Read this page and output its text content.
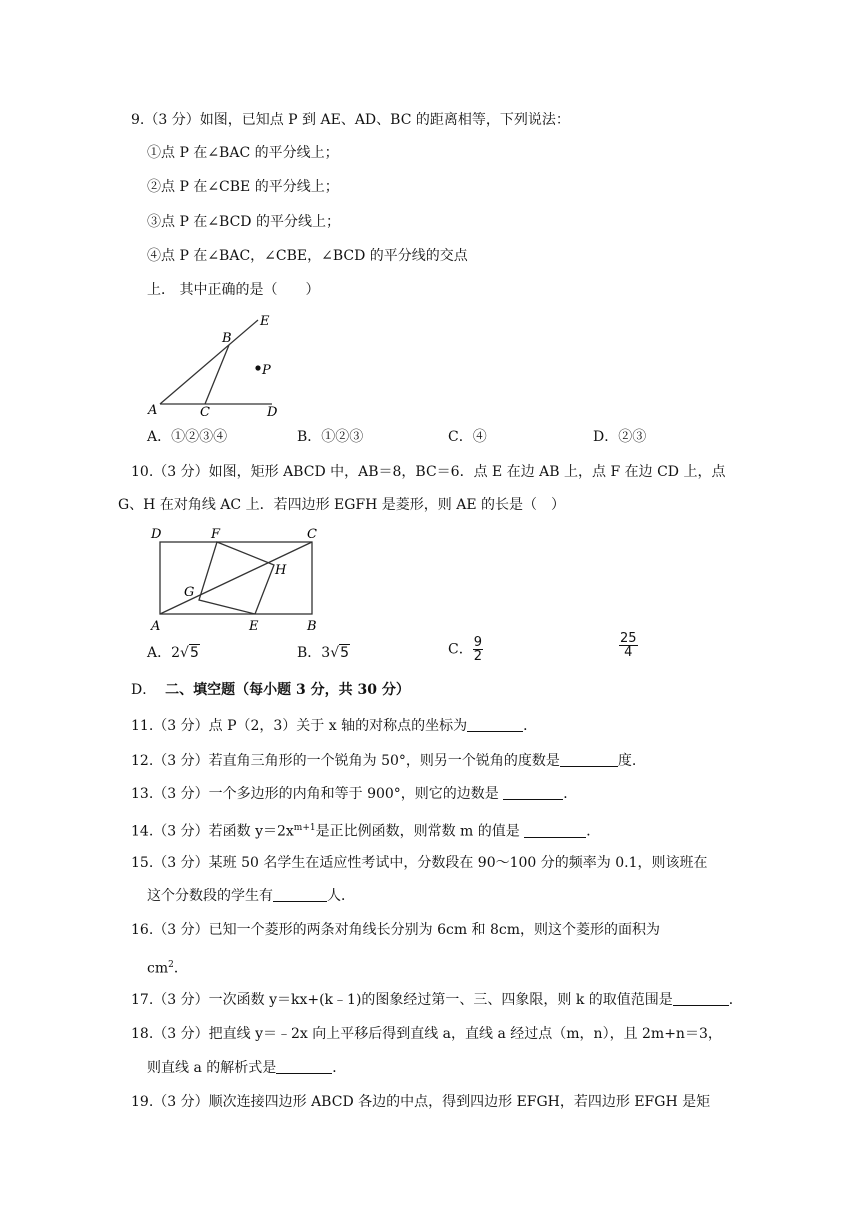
9.（3 分）如图，已知点 P 到 AE、AD、BC 的距离相等，下列说法：
①点 P 在∠BAC 的平分线上；
②点 P 在∠CBE 的平分线上；
③点 P 在∠BCD 的平分线上；
④点 P 在∠BAC，∠CBE，∠BCD 的平分线的交点
上． 其中正确的是（　　）
A
B
C	D
E
P
A．①②③④	B．①②③	C．④	D．②③
10.（3 分）如图，矩形 ABCD 中，AB＝8，BC＝6．点 E 在边 AB 上，点 F 在边 CD 上，点
G、H 在对角线 AC 上．若四边形 EGFH 是菱形，则 AE 的长是（　）
D	F	C
H
G
A	E	B
A．2√5	B．3√5	C． $\frac{9}{2}$	$\frac{25}{4}$
D． 二、填空题（每小题 3 分，共 30 分）
11.（3 分）点 P（2，3）关于 x 轴的对称点的坐标为	．
12.（3 分）若直角三角形的一个锐角为 50°，则另一个锐角的度数是	度.
13.（3 分）一个多边形的内角和等于 900°，则它的边数是	．
14.（3 分）若函数 $y=2x^{m+1}$是正比例函数，则常数 m 的值是	．
15.（3 分）某班 50 名学生在适应性考试中，分数段在 90～100 分的频率为 0.1，则该班在
这个分数段的学生有	人．
16.（3 分）已知一个菱形的两条对角线长分别为 6cm 和 8cm，则这个菱形的面积为
$cm^2$．
17.（3 分）一次函数 y＝kx+(k﹣1)的图象经过第一、三、四象限，则 k 的取值范围是	．
18.（3 分）把直线 y＝﹣2x 向上平移后得到直线 a，直线 a 经过点（m，n），且 2m+n＝3，
则直线 a 的解析式是	．
19.（3 分）顺次连接四边形 ABCD 各边的中点，得到四边形 EFGH，若四边形 EFGH 是矩
